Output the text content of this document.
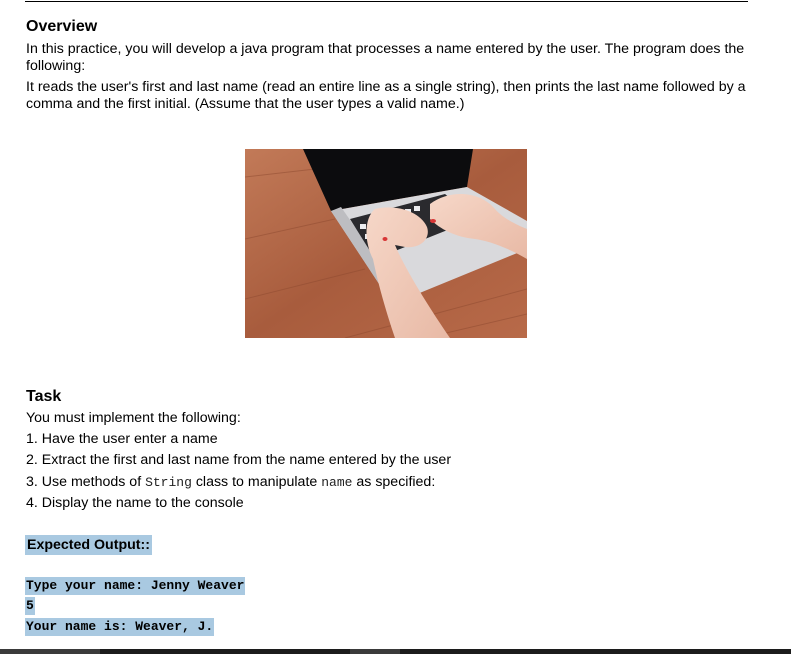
Overview
In this practice, you will develop a java program that processes a name entered by the user. The program does the following:
It reads the user's first and last name (read an entire line as a single string), then prints the last name followed by a comma and the first initial. (Assume that the user types a valid name.)
Task
You must implement the following:
1. Have the user enter a name
2. Extract the first and last name from the name entered by the user
3. Use methods of String class to manipulate name as specified:
4. Display the name to the console
Expected Output::
Type your name: Jenny Weaver
5
Your name is: Weaver, J.
